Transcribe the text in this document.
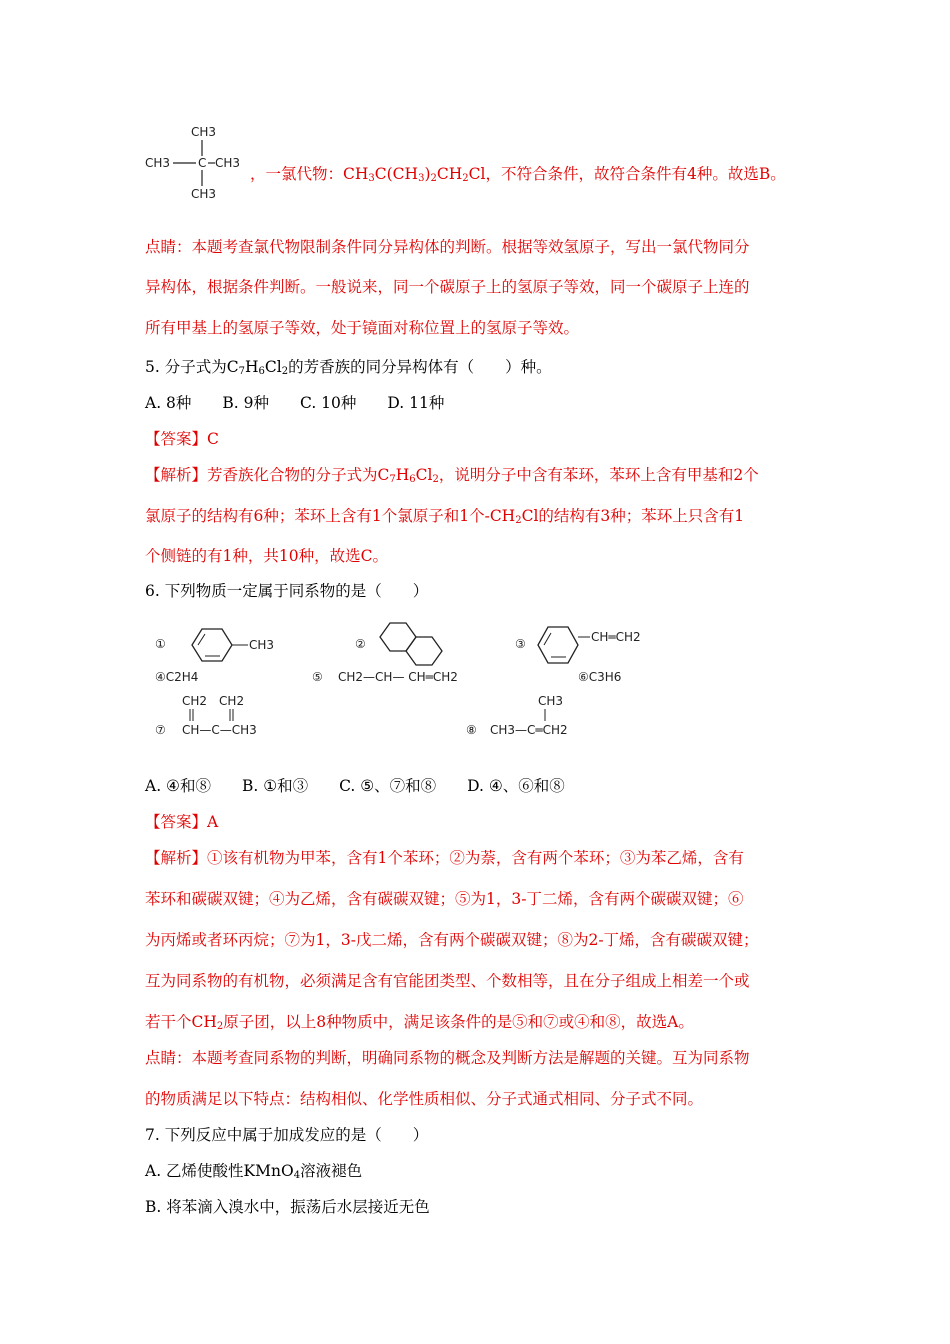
CH3
CH3	CH3
CH3
C
，一氯代物：$CH_3C(CH_3)_2CH_2Cl$，不符合条件，故符合条件有4种。故选B。
点睛：本题考查氯代物限制条件同分异构体的判断。根据等效氢原子，写出一氯代物同分
异构体，根据条件判断。一般说来，同一个碳原子上的氢原子等效，同一个碳原子上连的
所有甲基上的氢原子等效，处于镜面对称位置上的氢原子等效。
5. 分子式为$C_7H_6Cl_2$的芳香族的同分异构体有（　　）种。
A. 8种　　B. 9种　　C. 10种　　D. 11种
【答案】C
【解析】芳香族化合物的分子式为$C_7H_6Cl_2$，说明分子中含有苯环，苯环上含有甲基和2个
氯原子的结构有6种；苯环上含有1个氯原子和1个$-CH_2Cl$的结构有3种；苯环上只含有1
个侧链的有1种，共10种，故选C。
6. 下列物质一定属于同系物的是（　　）
①	CH3	②	③	CH═CH2
④C2H4	⑤ CH2—CH— CH═CH2	⑥C3H6
CH2　CH2
⑦ CH—C—CH3
CH3
⑧ CH3—C═CH2
A. ④和⑧　　B. ①和③　　C. ⑤、⑦和⑧　　D. ④、⑥和⑧
【答案】A
【解析】①该有机物为甲苯，含有1个苯环；②为萘，含有两个苯环；③为苯乙烯，含有
苯环和碳碳双键；④为乙烯，含有碳碳双键；⑤为1，3-丁二烯，含有两个碳碳双键；⑥
为丙烯或者环丙烷；⑦为1，3-戊二烯，含有两个碳碳双键；⑧为2-丁烯，含有碳碳双键；
互为同系物的有机物，必须满足含有官能团类型、个数相等，且在分子组成上相差一个或
若干个$CH_2$原子团，以上8种物质中，满足该条件的是⑤和⑦或④和⑧，故选A。
点睛：本题考查同系物的判断，明确同系物的概念及判断方法是解题的关键。互为同系物
的物质满足以下特点：结构相似、化学性质相似、分子式通式相同、分子式不同。
7. 下列反应中属于加成发应的是（　　）
A. 乙烯使酸性KMnO$_4$溶液褪色
B. 将苯滴入溴水中，振荡后水层接近无色
